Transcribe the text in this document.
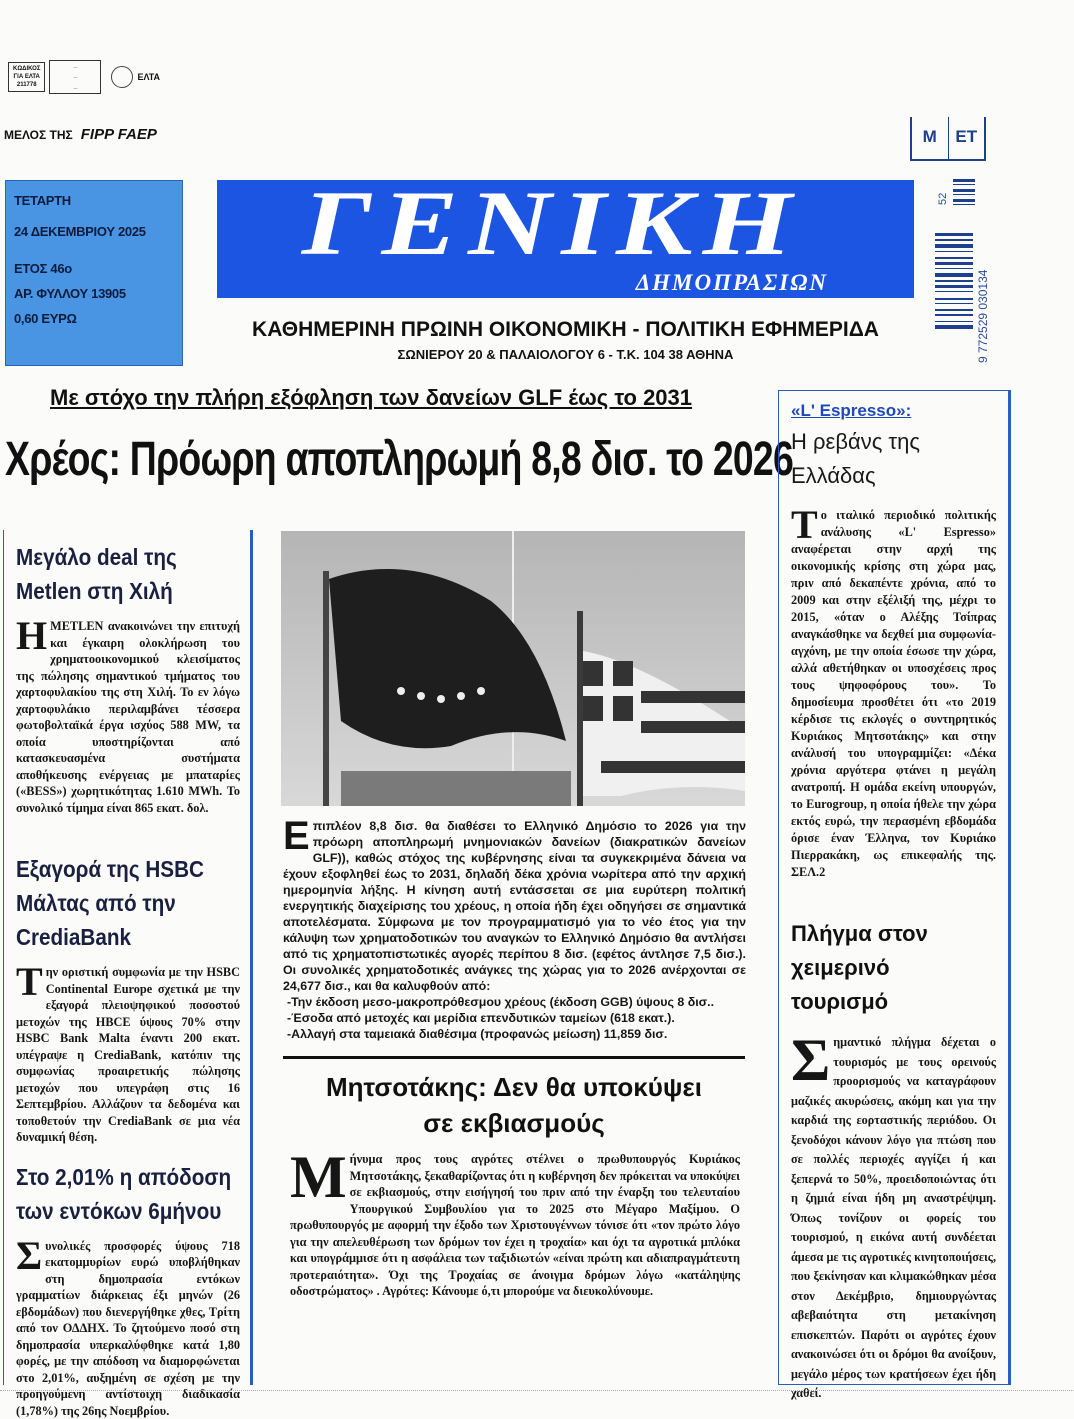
ΚΩΔΙΚΟΣ
ΓΙΑ ΕΛΤΑ
211778
—
—
—
ΕΛΤΑ
ΜΕΛΟΣ ΤΗΣ FIPP FAEP
ΤΕΤΑΡΤΗ
24 ΔΕΚΕΜΒΡΙΟΥ 2025
ΕΤΟΣ 46ο
ΑΡ. ΦΥΛΛΟΥ 13905
0,60 ΕΥΡΩ
ΓΕΝΙΚΗ
ΔΗΜΟΠΡΑΣΙΩΝ
ΚΑΘΗΜΕΡΙΝΗ ΠΡΩΙΝΗ ΟΙΚΟΝΟΜΙΚΗ - ΠΟΛΙΤΙΚΗ ΕΦΗΜΕΡΙΔΑ
ΣΩΝΙΕΡΟΥ 20 & ΠΑΛΑΙΟΛΟΓΟΥ 6 - Τ.Κ. 104 38 ΑΘΗΝΑ
Μ	ΕΤ
52
9 772529 030134
Με στόχο την πλήρη εξόφληση των δανείων GLF έως το 2031
Χρέος: Πρόωρη αποπληρωμή 8,8 δισ. το 2026
Μεγάλο deal της Metlen στη Χιλή
ΗMETLEN ανακοινώνει την επιτυχή και έγκαιρη ολοκλήρωση του χρηματοοικονομικού κλεισίματος της πώλησης σημαντικού τμήματος του χαρτοφυλακίου της στη Χιλή. Το εν λόγω χαρτοφυλάκιο περιλαμβάνει τέσσερα φωτοβολταϊκά έργα ισχύος 588 MW, τα οποία υποστηρίζονται από κατασκευασμένα συστήματα αποθήκευσης ενέργειας με μπαταρίες («BESS») χωρητικότητας 1.610 MWh. Το συνολικό τίμημα είναι 865 εκατ. δολ.
Εξαγορά της HSBC Μάλτας από την CrediaBank
Την οριστική συμφωνία με την HSBC Continental Europe σχετικά με την εξαγορά πλειοψηφικού ποσοστού μετοχών της HBCE ύψους 70% στην HSBC Bank Malta έναντι 200 εκατ. υπέγραψε η CrediaBank, κατόπιν της συμφωνίας προαιρετικής πώλησης μετοχών που υπεγράφη στις 16 Σεπτεμβρίου. Αλλάζουν τα δεδομένα και τοποθετούν την CrediaBank σε μια νέα δυναμική θέση.
Στο 2,01% η απόδοση των εντόκων 6μήνου
Συνολικές προσφορές ύψους 718 εκατομμυρίων ευρώ υποβλήθηκαν στη δημοπρασία εντόκων γραμματίων διάρκειας έξι μηνών (26 εβδομάδων) που διενεργήθηκε χθες, Τρίτη από τον ΟΔΔΗΧ. Το ζητούμενο ποσό στη δημοπρασία υπερκαλύφθηκε κατά 1,80 φορές, με την απόδοση να διαμορφώνεται στο 2,01%, αυξημένη σε σχέση με την προηγούμενη αντίστοιχη διαδικασία (1,78%) της 26ης Νοεμβρίου.
Επιπλέον 8,8 δισ. θα διαθέσει το Ελληνικό Δημόσιο το 2026 για την πρόωρη αποπληρωμή μνημονιακών δανείων (διακρατικών δανείων GLF)), καθώς στόχος της κυβέρνησης είναι τα συγκεκριμένα δάνεια να έχουν εξοφληθεί έως το 2031, δηλαδή δέκα χρόνια νωρίτερα από την αρχική ημερομηνία λήξης. Η κίνηση αυτή εντάσσεται σε μια ευρύτερη πολιτική ενεργητικής διαχείρισης του χρέους, η οποία ήδη έχει οδηγήσει σε σημαντικά αποτελέσματα. Σύμφωνα με τον προγραμματισμό για το νέο έτος για την κάλυψη των χρηματοδοτικών του αναγκών το Ελληνικό Δημόσιο θα αντλήσει από τις χρηματοπιστωτικές αγορές περίπου 8 δισ. (εφέτος άντλησε 7,5 δισ.). Οι συνολικές χρηματοδοτικές ανάγκες της χώρας για το 2026 ανέρχονται σε 24,677 δισ., και θα καλυφθούν από:
-Την έκδοση μεσο-μακροπρόθεσμου χρέους (έκδοση GGB) ύψους 8 δισ..
-Έσοδα από μετοχές και μερίδια επενδυτικών ταμείων (618 εκατ.).
-Αλλαγή στα ταμειακά διαθέσιμα (προφανώς μείωση) 11,859 δισ.
Μητσοτάκης: Δεν θα υποκύψει
σε εκβιασμούς
Μήνυμα προς τους αγρότες στέλνει ο πρωθυπουργός Κυριάκος Μητσοτάκης, ξεκαθαρίζοντας ότι η κυβέρνηση δεν πρόκειται να υποκύψει σε εκβιασμούς, στην εισήγησή του πριν από την έναρξη του τελευταίου Υπουργικού Συμβουλίου για το 2025 στο Μέγαρο Μαξίμου. Ο πρωθυπουργός με αφορμή την έξοδο των Χριστουγέννων τόνισε ότι «τον πρώτο λόγο για την απελευθέρωση των δρόμων τον έχει η τροχαία» και όχι τα αγροτικά μπλόκα και υπογράμμισε ότι η ασφάλεια των ταξιδιωτών «είναι πρώτη και αδιαπραγμάτευτη προτεραιότητα». Όχι της Τροχαίας σε άνοιγμα δρόμων λόγω «κατάληψης οδοστρώματος» . Αγρότες: Κάνουμε ό,τι μπορούμε να διευκολύνουμε.
«L' Espresso»:
Η ρεβάνς της Ελλάδας
Το ιταλικό περιοδικό πολιτικής ανάλυσης «L' Espresso» αναφέρεται στην αρχή της οικονομικής κρίσης στη χώρα μας, πριν από δεκαπέντε χρόνια, από το 2009 και στην εξέλιξή της, μέχρι το 2015, «όταν ο Αλέξης Τσίπρας αναγκάσθηκε να δεχθεί μια συμφωνία-αγχόνη, με την οποία έσωσε την χώρα, αλλά αθετήθηκαν οι υποσχέσεις προς τους ψηφοφόρους του». Το δημοσίευμα προσθέτει ότι «το 2019 κέρδισε τις εκλογές ο συντηρητικός Κυριάκος Μητσοτάκης» και στην ανάλυσή του υπογραμμίζει: «Δέκα χρόνια αργότερα φτάνει η μεγάλη ανατροπή. Η ομάδα εκείνη υπουργών, το Eurogroup, η οποία ήθελε την χώρα εκτός ευρώ, την περασμένη εβδομάδα όρισε έναν Έλληνα, τον Κυριάκο Πιερρακάκη, ως επικεφαλής της. ΣΕΛ.2
Πλήγμα στον χειμερινό τουρισμό
Σημαντικό πλήγμα δέχεται ο τουρισμός με τους ορεινούς προορισμούς να καταγράφουν μαζικές ακυρώσεις, ακόμη και για την καρδιά της εορταστικής περιόδου. Οι ξενοδόχοι κάνουν λόγο για πτώση που σε πολλές περιοχές αγγίζει ή και ξεπερνά το 50%, προειδοποιώντας ότι η ζημιά είναι ήδη μη αναστρέψιμη. Όπως τονίζουν οι φορείς του τουρισμού, η εικόνα αυτή συνδέεται άμεσα με τις αγροτικές κινητοποιήσεις, που ξεκίνησαν και κλιμακώθηκαν μέσα στον Δεκέμβριο, δημιουργώντας αβεβαιότητα στη μετακίνηση επισκεπτών. Παρότι οι αγρότες έχουν ανακοινώσει ότι οι δρόμοι θα ανοίξουν, μεγάλο μέρος των κρατήσεων έχει ήδη χαθεί.
